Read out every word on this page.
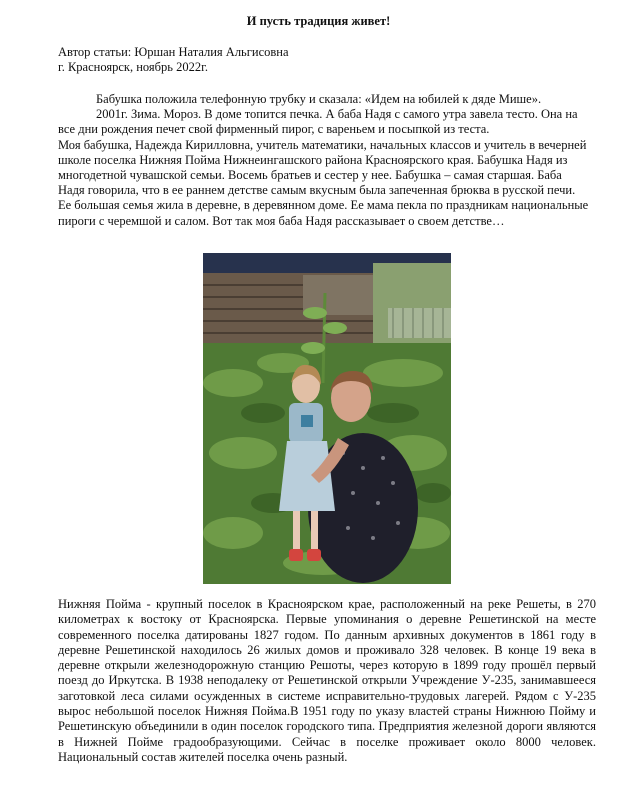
И пусть традиция живет!
Автор статьи: Юршан Наталия Альгисовна
г. Красноярск, ноябрь 2022г.

Бабушка положила телефонную трубку и сказала: «Идем на юбилей к дяде Мише».

2001г. Зима. Мороз. В доме топится печка. А баба Надя с самого утра завела тесто. Она на все дни рождения печет свой фирменный пирог, с вареньем и посыпкой из теста.

Моя бабушка, Надежда Кирилловна, учитель математики, начальных классов и учитель в вечерней школе поселка Нижняя Пойма Нижнеингашского района Красноярского края. Бабушка Надя из многодетной чувашской семьи. Восемь братьев и сестер у нее. Бабушка – самая старшая. Баба Надя говорила, что в ее раннем детстве самым вкусным была запеченная брюква в русской печи. Ее большая семья жила в деревне, в деревянном доме. Ее мама пекла по праздникам национальные пироги с черемшой и салом. Вот так моя баба Надя рассказывает о своем детстве…

Нижняя Пойма - крупный поселок в Красноярском крае, расположенный на реке Решеты, в 270 километрах к востоку от Красноярска. Первые упоминания о деревне Решетинской на месте современного поселка датированы 1827 годом. По данным архивных документов в 1861 году в деревне Решетинской находилось 26 жилых домов и проживало 328 человек. В конце 19 века в деревне открыли железнодорожную станцию Решоты, через которую в 1899 году прошёл первый поезд до Иркутска. В 1938 неподалеку от Решетинской открыли Учреждение У-235, занимавшееся заготовкой леса силами осужденных в системе исправительно-трудовых лагерей. Рядом с У-235 вырос небольшой поселок Нижняя Пойма.В 1951 году по указу властей страны Нижнюю Пойму и Решетинскую объединили в один поселок городского типа. Предприятия железной дороги являются в Нижней Пойме градообразующими. Сейчас в поселке проживает около 8000 человек. Национальный состав жителей поселка очень разный.
